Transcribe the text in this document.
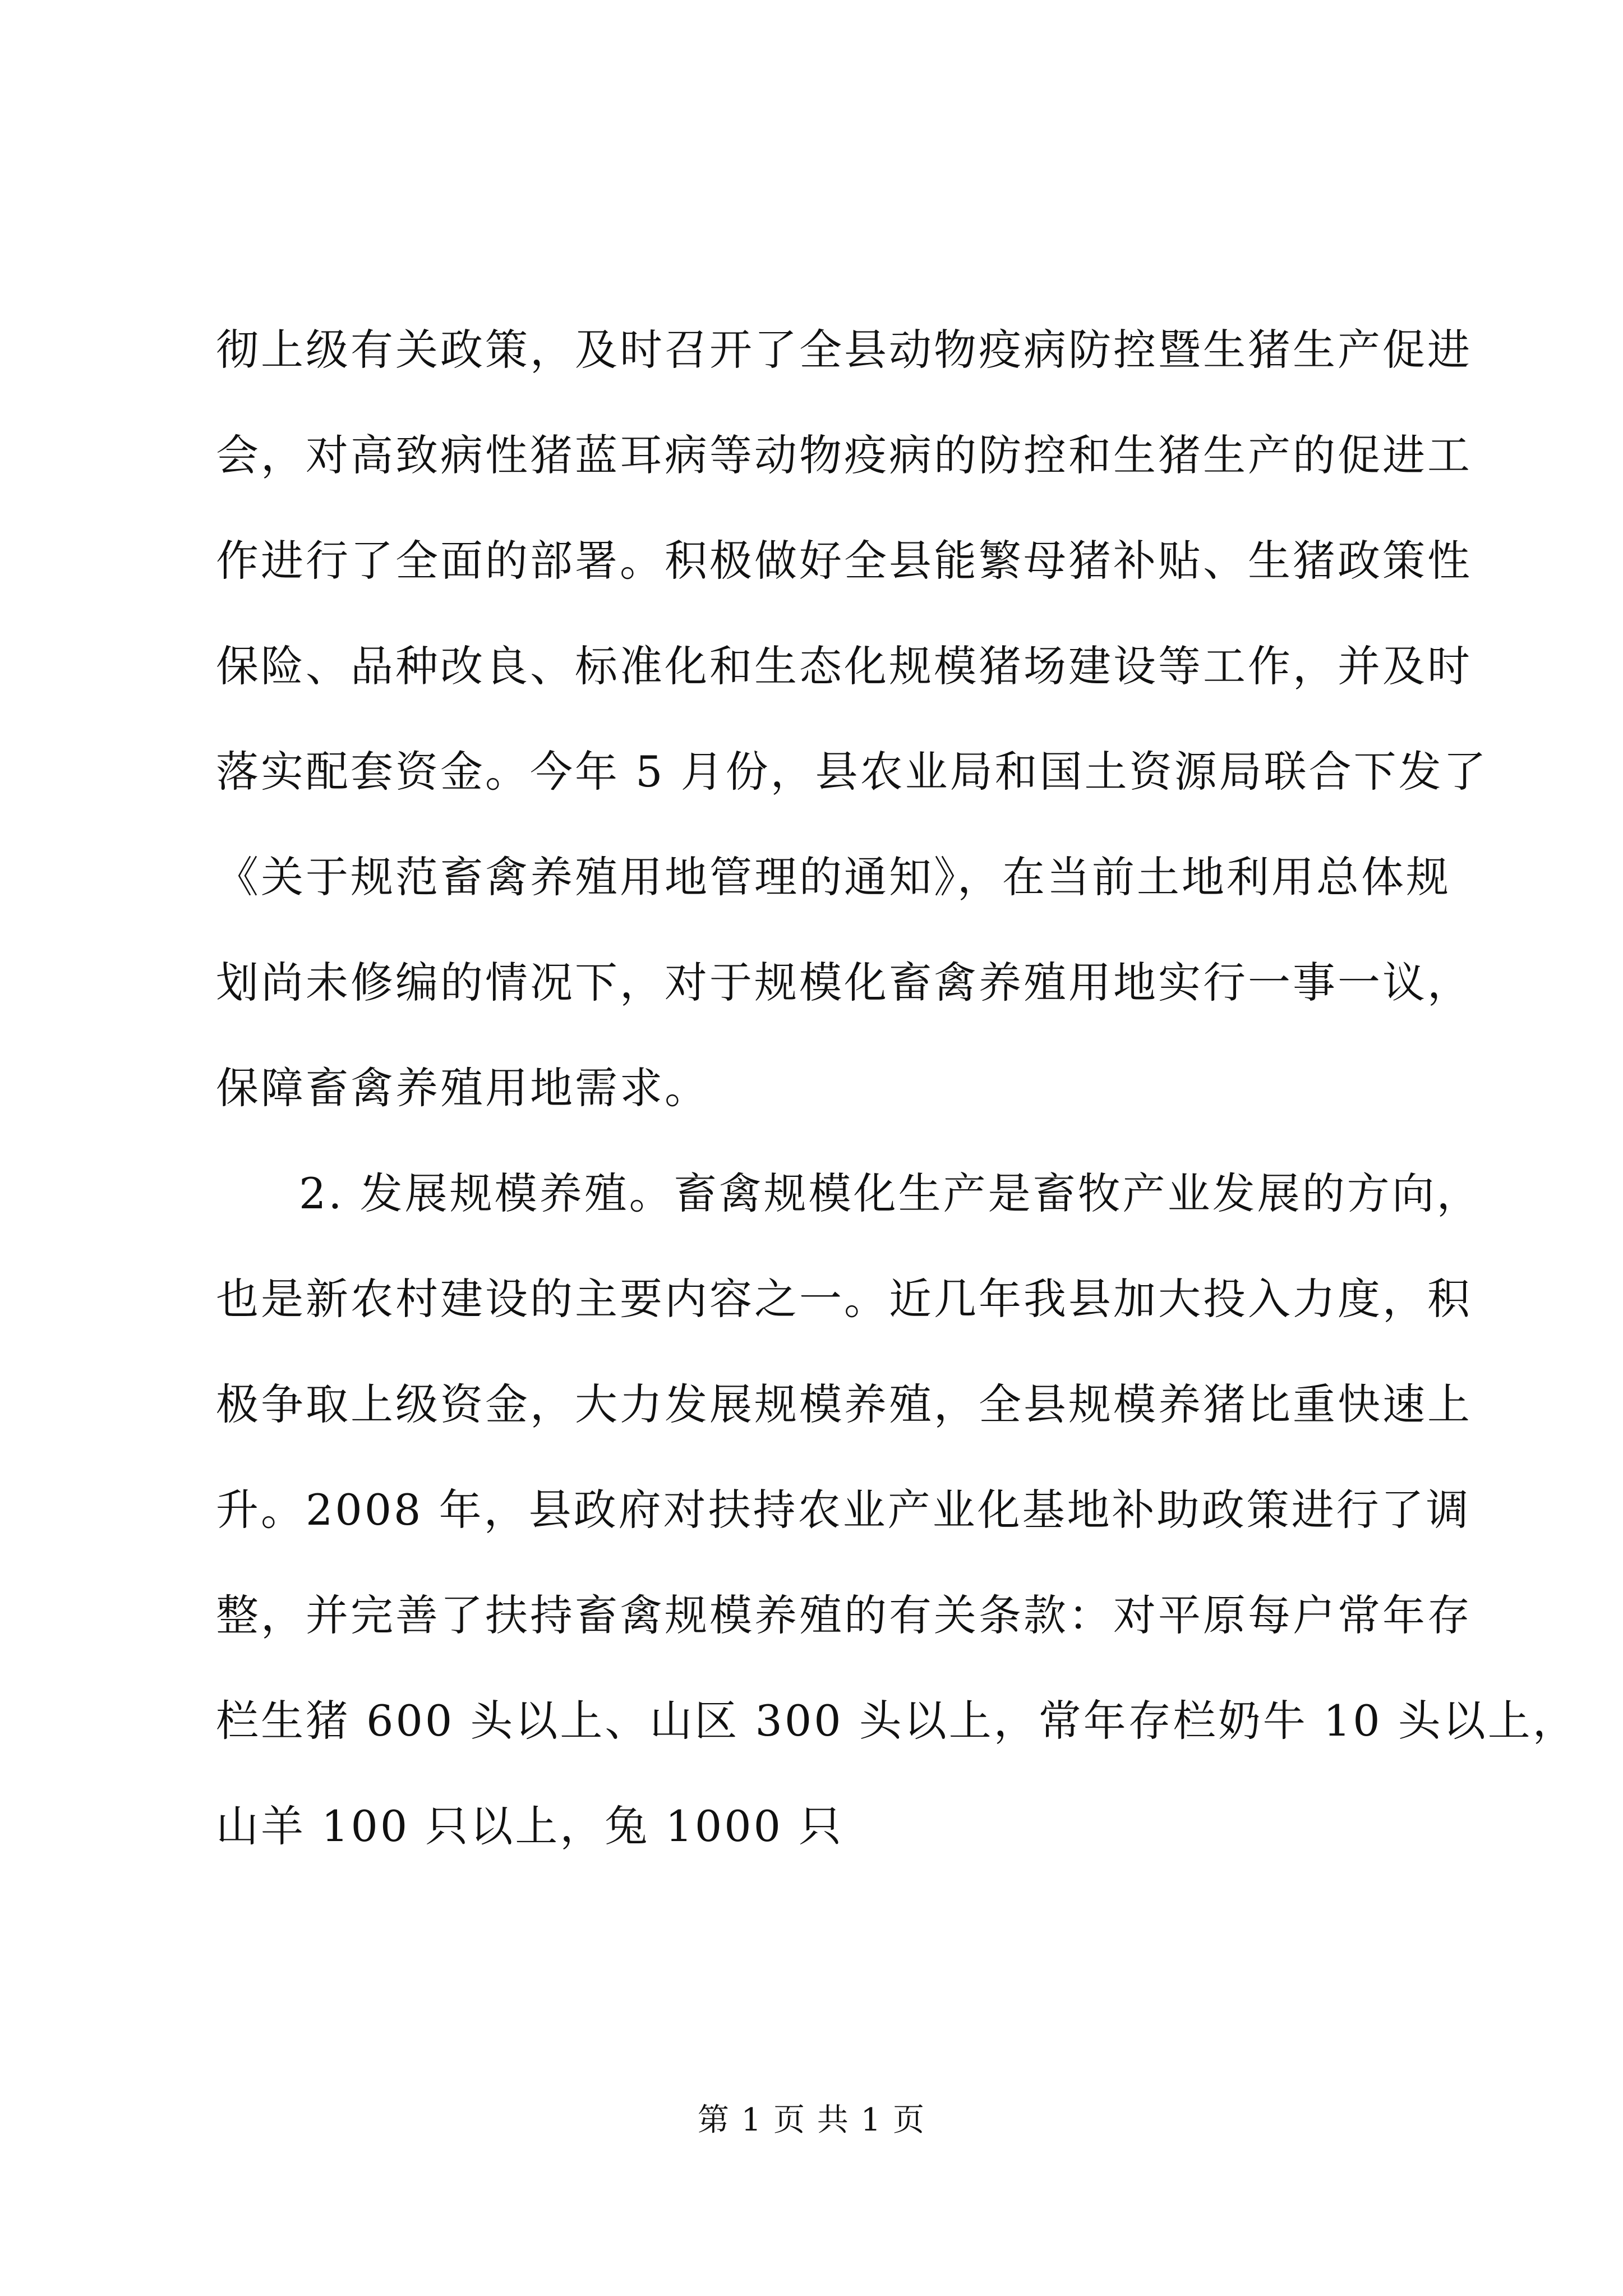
彻上级有关政策，及时召开了全县动物疫病防控暨生猪生产促进
会，对高致病性猪蓝耳病等动物疫病的防控和生猪生产的促进工
作进行了全面的部署。积极做好全县能繁母猪补贴、生猪政策性
保险、品种改良、标准化和生态化规模猪场建设等工作，并及时
落实配套资金。今年 5 月份，县农业局和国土资源局联合下发了
《关于规范畜禽养殖用地管理的通知》，在当前土地利用总体规
划尚未修编的情况下，对于规模化畜禽养殖用地实行一事一议，
保障畜禽养殖用地需求。
2. 发展规模养殖。畜禽规模化生产是畜牧产业发展的方向，
也是新农村建设的主要内容之一。近几年我县加大投入力度，积
极争取上级资金，大力发展规模养殖，全县规模养猪比重快速上
升。2008 年，县政府对扶持农业产业化基地补助政策进行了调
整，并完善了扶持畜禽规模养殖的有关条款：对平原每户常年存
栏生猪 600 头以上、山区 300 头以上，常年存栏奶牛 10 头以上，
山羊 100 只以上，兔 1000 只
第 1 页 共 1 页
